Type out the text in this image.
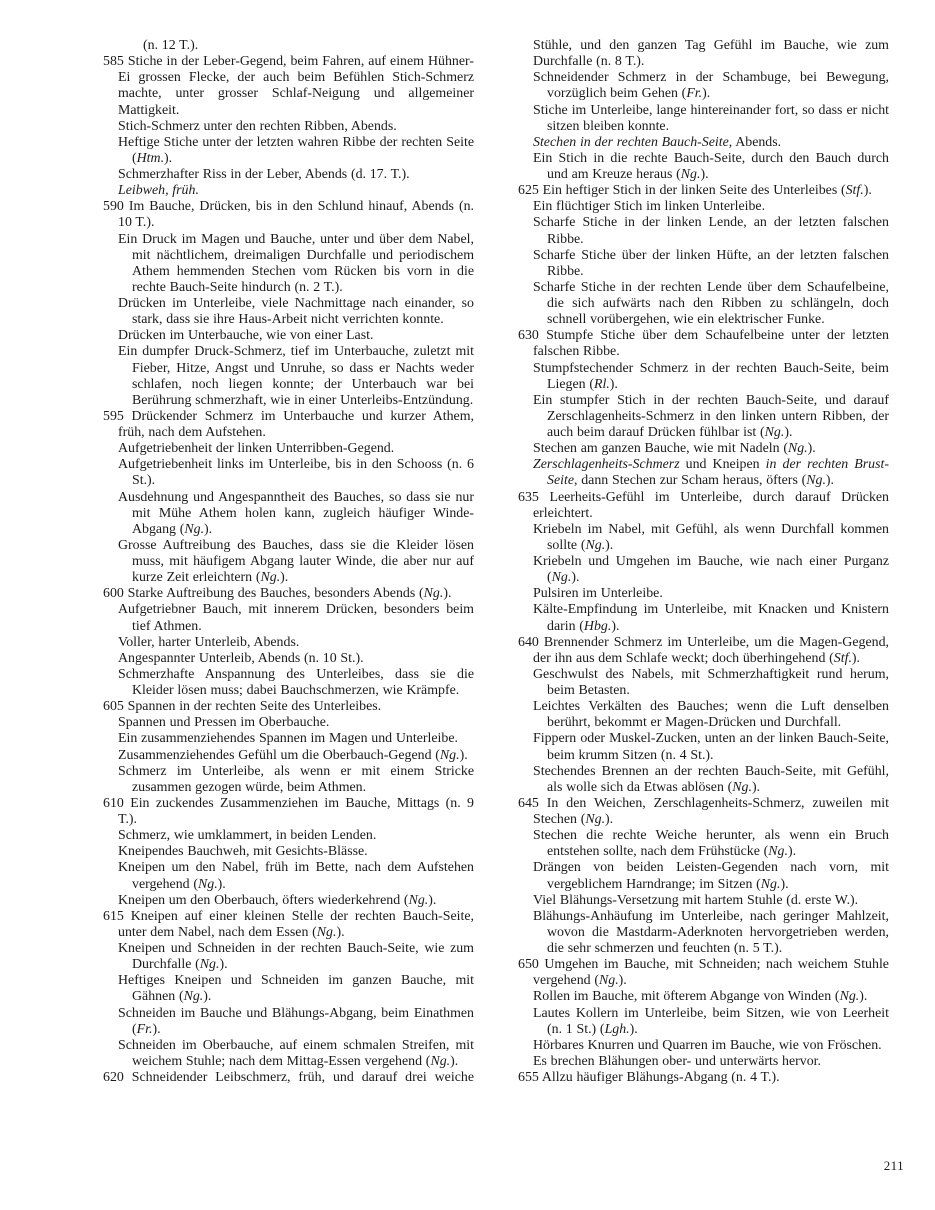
(n. 12 T.).

585 Stiche in der Leber-Gegend, beim Fahren, auf einem Hühner-Ei grossen Flecke, der auch beim Befühlen Stich-Schmerz machte, unter grosser Schlaf-Neigung und allgemeiner Mattigkeit.

Stich-Schmerz unter den rechten Ribben, Abends.

Heftige Stiche unter der letzten wahren Ribbe der rechten Seite (Htm.).

Schmerzhafter Riss in der Leber, Abends (d. 17. T.).

Leibweh, früh.

590 Im Bauche, Drücken, bis in den Schlund hinauf, Abends (n. 10 T.).

Ein Druck im Magen und Bauche, unter und über dem Nabel, mit nächtlichem, dreimaligen Durchfalle und periodischem Athem hemmenden Stechen vom Rücken bis vorn in die rechte Bauch-Seite hindurch (n. 2 T.).

Drücken im Unterleibe, viele Nachmittage nach einander, so stark, dass sie ihre Haus-Arbeit nicht verrichten konnte.

Drücken im Unterbauche, wie von einer Last.

Ein dumpfer Druck-Schmerz, tief im Unterbauche, zuletzt mit Fieber, Hitze, Angst und Unruhe, so dass er Nachts weder schlafen, noch liegen konnte; der Unterbauch war bei Berührung schmerzhaft, wie in einer Unterleibs-Entzündung.

595 Drückender Schmerz im Unterbauche und kurzer Athem, früh, nach dem Aufstehen.

Aufgetriebenheit der linken Unterribben-Gegend.

Aufgetriebenheit links im Unterleibe, bis in den Schooss (n. 6 St.).

Ausdehnung und Angespanntheit des Bauches, so dass sie nur mit Mühe Athem holen kann, zugleich häufiger Winde-Abgang (Ng.).

Grosse Auftreibung des Bauches, dass sie die Kleider lösen muss, mit häufigem Abgang lauter Winde, die aber nur auf kurze Zeit erleichtern (Ng.).

600 Starke Auftreibung des Bauches, besonders Abends (Ng.).

Aufgetriebner Bauch, mit innerem Drücken, besonders beim tief Athmen.

Voller, harter Unterleib, Abends.

Angespannter Unterleib, Abends (n. 10 St.).

Schmerzhafte Anspannung des Unterleibes, dass sie die Kleider lösen muss; dabei Bauchschmerzen, wie Krämpfe.

605 Spannen in der rechten Seite des Unterleibes.

Spannen und Pressen im Oberbauche.

Ein zusammenziehendes Spannen im Magen und Unterleibe.

Zusammenziehendes Gefühl um die Oberbauch-Gegend (Ng.).

Schmerz im Unterleibe, als wenn er mit einem Stricke zusammen gezogen würde, beim Athmen.

610 Ein zuckendes Zusammenziehen im Bauche, Mittags (n. 9 T.).

Schmerz, wie umklammert, in beiden Lenden.

Kneipendes Bauchweh, mit Gesichts-Blässe.

Kneipen um den Nabel, früh im Bette, nach dem Aufstehen vergehend (Ng.).

Kneipen um den Oberbauch, öfters wiederkehrend (Ng.).

615 Kneipen auf einer kleinen Stelle der rechten Bauch-Seite, unter dem Nabel, nach dem Essen (Ng.).

Kneipen und Schneiden in der rechten Bauch-Seite, wie zum Durchfalle (Ng.).

Heftiges Kneipen und Schneiden im ganzen Bauche, mit Gähnen (Ng.).

Schneiden im Bauche und Blähungs-Abgang, beim Einathmen (Fr.).

Schneiden im Oberbauche, auf einem schmalen Streifen, mit weichem Stuhle; nach dem Mittag-Essen vergehend (Ng.).

620 Schneidender Leibschmerz, früh, und darauf drei weiche

Stühle, und den ganzen Tag Gefühl im Bauche, wie zum Durchfalle (n. 8 T.).

Schneidender Schmerz in der Schambuge, bei Bewegung, vorzüglich beim Gehen (Fr.).

Stiche im Unterleibe, lange hintereinander fort, so dass er nicht sitzen bleiben konnte.

Stechen in der rechten Bauch-Seite, Abends.

Ein Stich in die rechte Bauch-Seite, durch den Bauch durch und am Kreuze heraus (Ng.).

625 Ein heftiger Stich in der linken Seite des Unterleibes (Stf.).

Ein flüchtiger Stich im linken Unterleibe.

Scharfe Stiche in der linken Lende, an der letzten falschen Ribbe.

Scharfe Stiche über der linken Hüfte, an der letzten falschen Ribbe.

Scharfe Stiche in der rechten Lende über dem Schaufelbeine, die sich aufwärts nach den Ribben zu schlängeln, doch schnell vorübergehen, wie ein elektrischer Funke.

630 Stumpfe Stiche über dem Schaufelbeine unter der letzten falschen Ribbe.

Stumpfstechender Schmerz in der rechten Bauch-Seite, beim Liegen (Rl.).

Ein stumpfer Stich in der rechten Bauch-Seite, und darauf Zerschlagenheits-Schmerz in den linken untern Ribben, der auch beim darauf Drücken fühlbar ist (Ng.).

Stechen am ganzen Bauche, wie mit Nadeln (Ng.).

Zerschlagenheits-Schmerz und Kneipen in der rechten Brust-Seite, dann Stechen zur Scham heraus, öfters (Ng.).

635 Leerheits-Gefühl im Unterleibe, durch darauf Drücken erleichtert.

Kriebeln im Nabel, mit Gefühl, als wenn Durchfall kommen sollte (Ng.).

Kriebeln und Umgehen im Bauche, wie nach einer Purganz (Ng.).

Pulsiren im Unterleibe.

Kälte-Empfindung im Unterleibe, mit Knacken und Knistern darin (Hbg.).

640 Brennender Schmerz im Unterleibe, um die Magen-Gegend, der ihn aus dem Schlafe weckt; doch überhingehend (Stf.).

Geschwulst des Nabels, mit Schmerzhaftigkeit rund herum, beim Betasten.

Leichtes Verkälten des Bauches; wenn die Luft denselben berührt, bekommt er Magen-Drücken und Durchfall.

Fippern oder Muskel-Zucken, unten an der linken Bauch-Seite, beim krumm Sitzen (n. 4 St.).

Stechendes Brennen an der rechten Bauch-Seite, mit Gefühl, als wolle sich da Etwas ablösen (Ng.).

645 In den Weichen, Zerschlagenheits-Schmerz, zuweilen mit Stechen (Ng.).

Stechen die rechte Weiche herunter, als wenn ein Bruch entstehen sollte, nach dem Frühstücke (Ng.).

Drängen von beiden Leisten-Gegenden nach vorn, mit vergeblichem Harndrange; im Sitzen (Ng.).

Viel Blähungs-Versetzung mit hartem Stuhle (d. erste W.).

Blähungs-Anhäufung im Unterleibe, nach geringer Mahlzeit, wovon die Mastdarm-Aderknoten hervorgetrieben werden, die sehr schmerzen und feuchten (n. 5 T.).

650 Umgehen im Bauche, mit Schneiden; nach weichem Stuhle vergehend (Ng.).

Rollen im Bauche, mit öfterem Abgange von Winden (Ng.).

Lautes Kollern im Unterleibe, beim Sitzen, wie von Leerheit (n. 1 St.) (Lgh.).

Hörbares Knurren und Quarren im Bauche, wie von Fröschen.

Es brechen Blähungen ober- und unterwärts hervor.

655 Allzu häufiger Blähungs-Abgang (n. 4 T.).

211
